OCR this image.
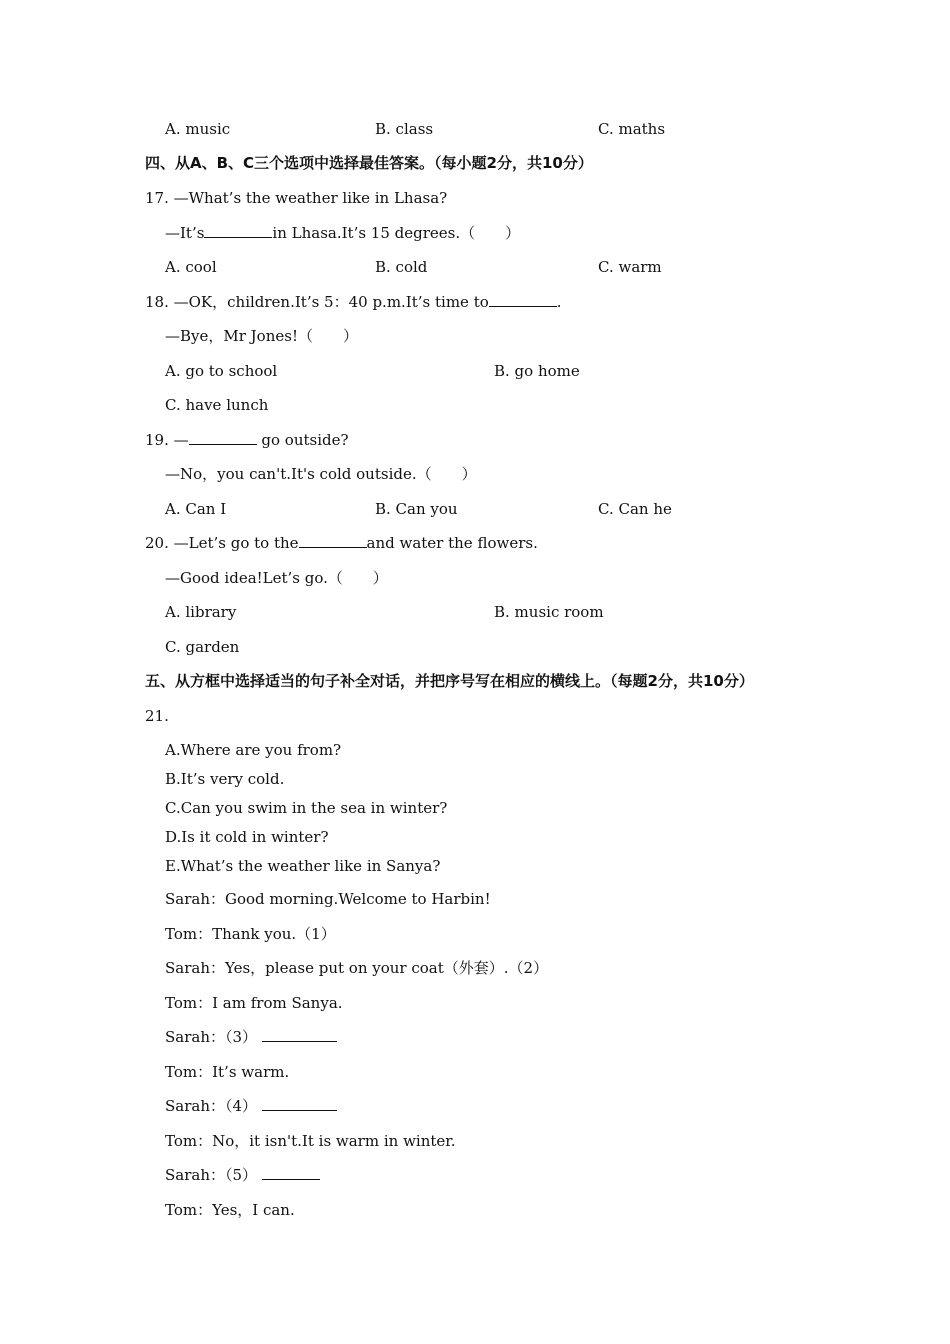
A. music	B. class	C. maths
四、从A、B、C三个选项中选择最佳答案。（每小题2分，共10分）
17. —What’s the weather like in Lhasa?
—It’s	in Lhasa.It’s 15 degrees.（　　）
A. cool	B. cold	C. warm
18. —OK，children.It’s 5：40 p.m.It’s time to	.
—Bye，Mr Jones!（　　）
A. go to school	B. go home
C. have lunch
19. —	go outside?
—No，you can't.It's cold outside.（　　）
A. Can I	B. Can you	C. Can he
20. —Let’s go to the	and water the flowers.
—Good idea!Let’s go.（　　）
A. library	B. music room
C. garden
五、从方框中选择适当的句子补全对话，并把序号写在相应的横线上。（每题2分，共10分）
21.
A.Where are you from?
B.It’s very cold.
C.Can you swim in the sea in winter?
D.Is it cold in winter?
E.What’s the weather like in Sanya?
Sarah：Good morning.Welcome to Harbin!
Tom：Thank you.（1）
Sarah：Yes，please put on your coat（外套）.（2）
Tom：I am from Sanya.
Sarah：（3）
Tom：It’s warm.
Sarah：（4）
Tom：No，it isn't.It is warm in winter.
Sarah：（5）
Tom：Yes，I can.
